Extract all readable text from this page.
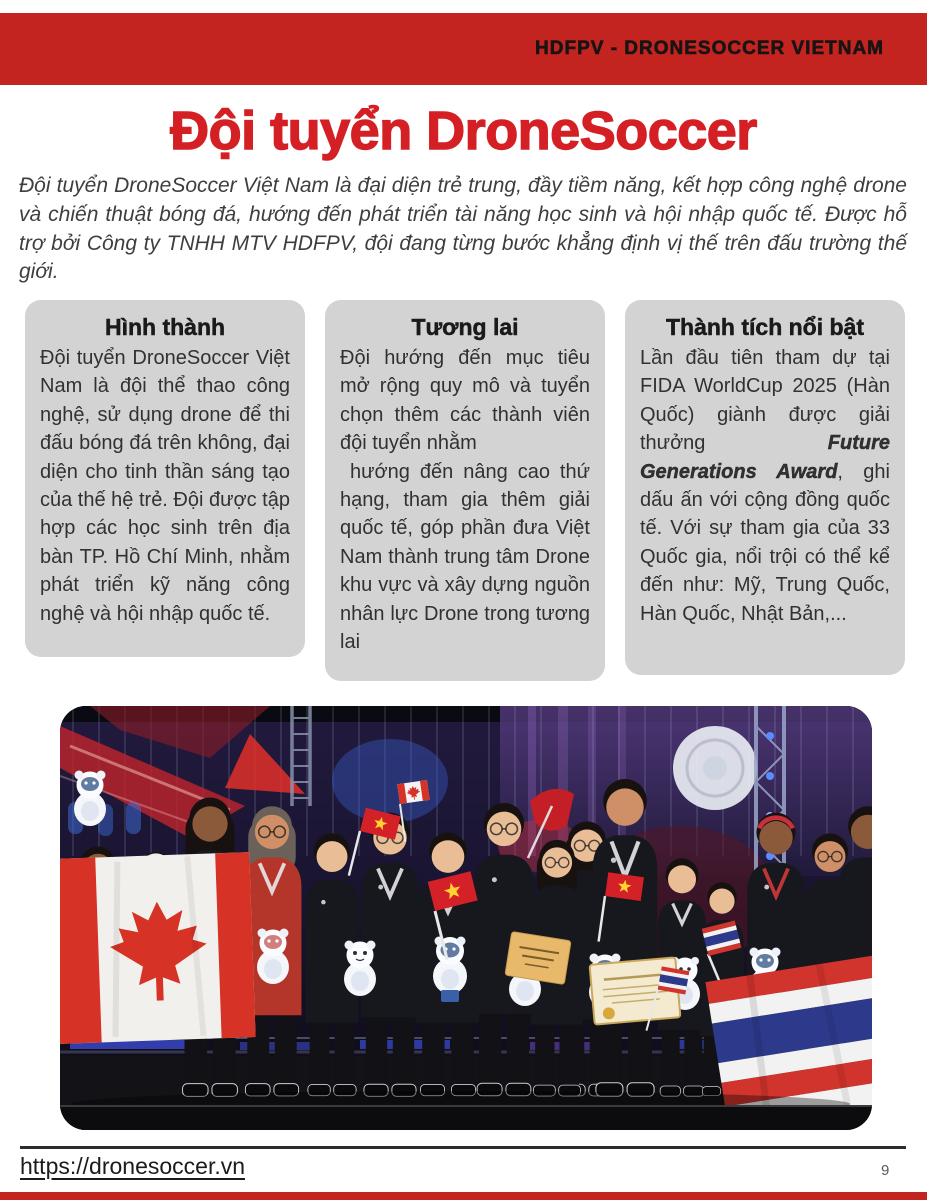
HDFPV - DRONESOCCER VIETNAM
Đội tuyển DroneSoccer

Đội tuyển DroneSoccer Việt Nam là đại diện trẻ trung, đầy tiềm năng, kết hợp công nghệ drone và chiến thuật bóng đá, hướng đến phát triển tài năng học sinh và hội nhập quốc tế. Được hỗ trợ bởi Công ty TNHH MTV HDFPV, đội đang từng bước khẳng định vị thế trên đấu trường thế giới.

Hình thành

Đội tuyển DroneSoccer Việt Nam là đội thể thao công nghệ, sử dụng drone để thi đấu bóng đá trên không, đại diện cho tinh thần sáng tạo của thế hệ trẻ. Đội được tập hợp các học sinh trên địa bàn TP. Hồ Chí Minh, nhằm phát triển kỹ năng công nghệ và hội nhập quốc tế.

Tương lai

Đội hướng đến mục tiêu mở rộng quy mô và tuyển chọn thêm các thành viên đội tuyển nhằm
hướng đến nâng cao thứ hạng, tham gia thêm giải quốc tế, góp phần đưa Việt Nam thành trung tâm Drone khu vực và xây dựng nguồn nhân lực Drone trong tương lai

Thành tích nổi bật

Lần đầu tiên tham dự tại FIDA WorldCup 2025 (Hàn Quốc) giành được giải thưởng Future Generations Award, ghi dấu ấn với cộng đồng quốc tế. Với sự tham gia của 33 Quốc gia, nổi trội có thể kể đến như: Mỹ, Trung Quốc, Hàn Quốc, Nhật Bản,...

https://dronesoccer.vn	9
